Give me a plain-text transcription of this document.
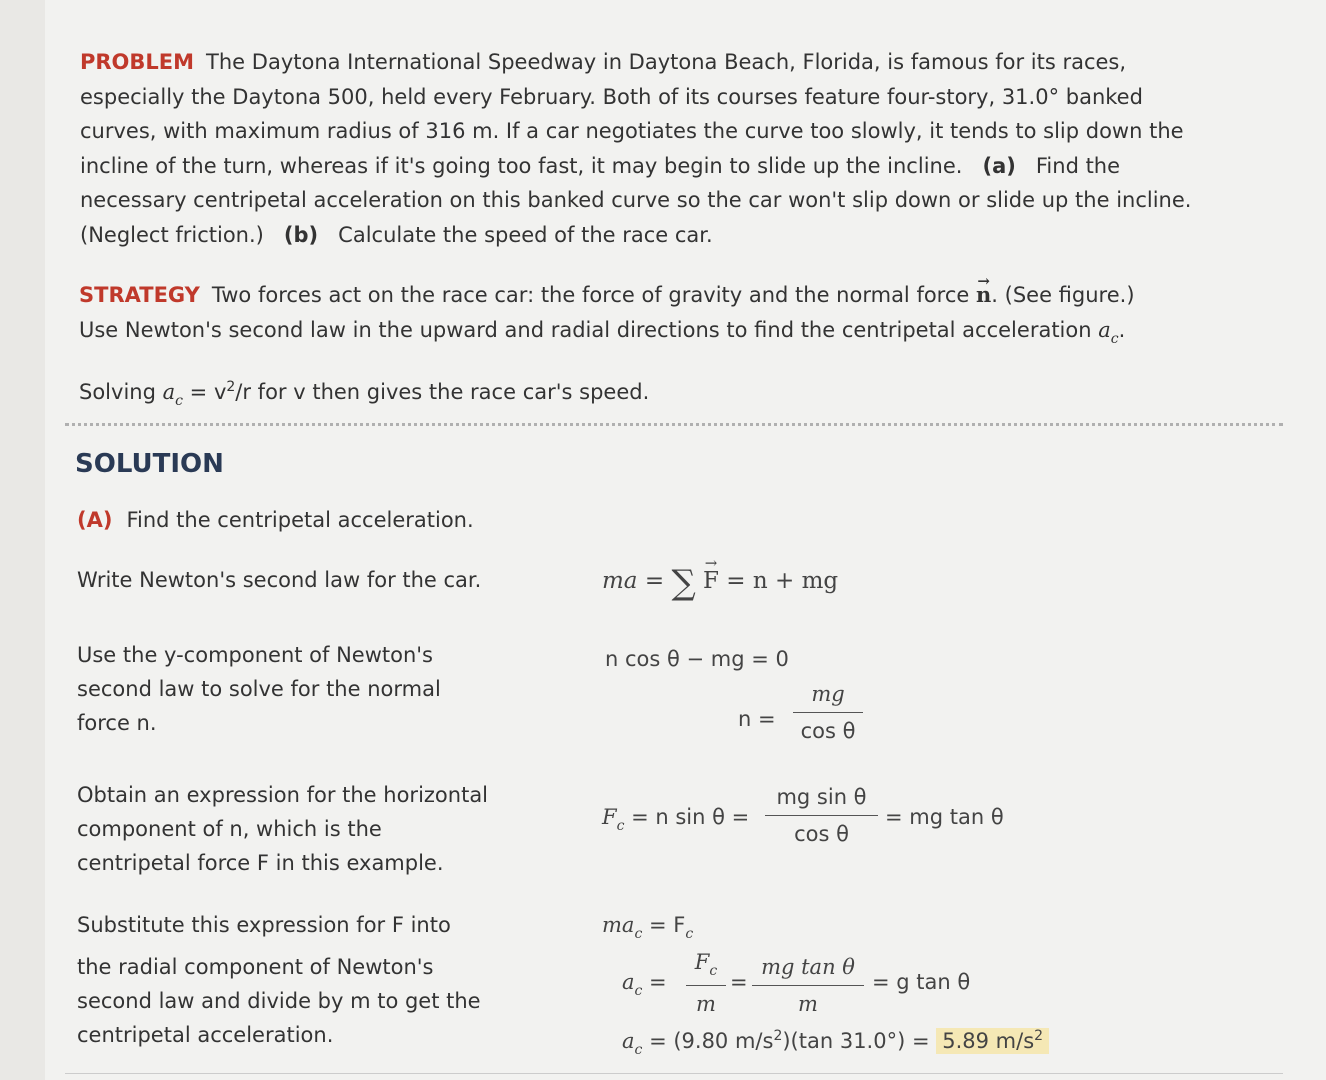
PROBLEM The Daytona International Speedway in Daytona Beach, Florida, is famous for its races,
especially the Daytona 500, held every February. Both of its courses feature four-story, 31.0° banked
curves, with maximum radius of 316 m. If a car negotiates the curve too slowly, it tends to slip down the
incline of the turn, whereas if it's going too fast, it may begin to slide up the incline. (a) Find the
necessary centripetal acceleration on this banked curve so the car won't slip down or slide up the incline.
(Neglect friction.) (b) Calculate the speed of the race car.
STRATEGY Two forces act on the race car: the force of gravity and the normal force → n. (See figure.)
Use Newton's second law in the upward and radial directions to find the centripetal acceleration $a_c$.
Solving $a_c = v^2/r$ for v then gives the race car's speed.
SOLUTION
(A) Find the centripetal acceleration.
Write Newton's second law for the car.	ma = ∑ → F = n + mg
Use the y-component of Newton's
second law to solve for the normal
force n.
n cos θ − mg = 0
$n = \frac{mg}{\text{cos θ}}$
Obtain an expression for the horizontal
component of n, which is the
centripetal force F in this example.
$F_c = n$ $\sin \theta = \frac{\text{mg sin θ}}{\text{cos θ}}$ = mg tan θ
Substitute this expression for F into
the radial component of Newton's
second law and divide by m to get the
centripetal acceleration.
$ma_c = F_c$
$a_c = \frac{F_c}{m} = \frac{\text{mg tan θ}}{m} = g$ tan θ
$a_c = (9.80$ $m/s^2)(\tan$ 31.0°) = 5.89 $m/s^2$
